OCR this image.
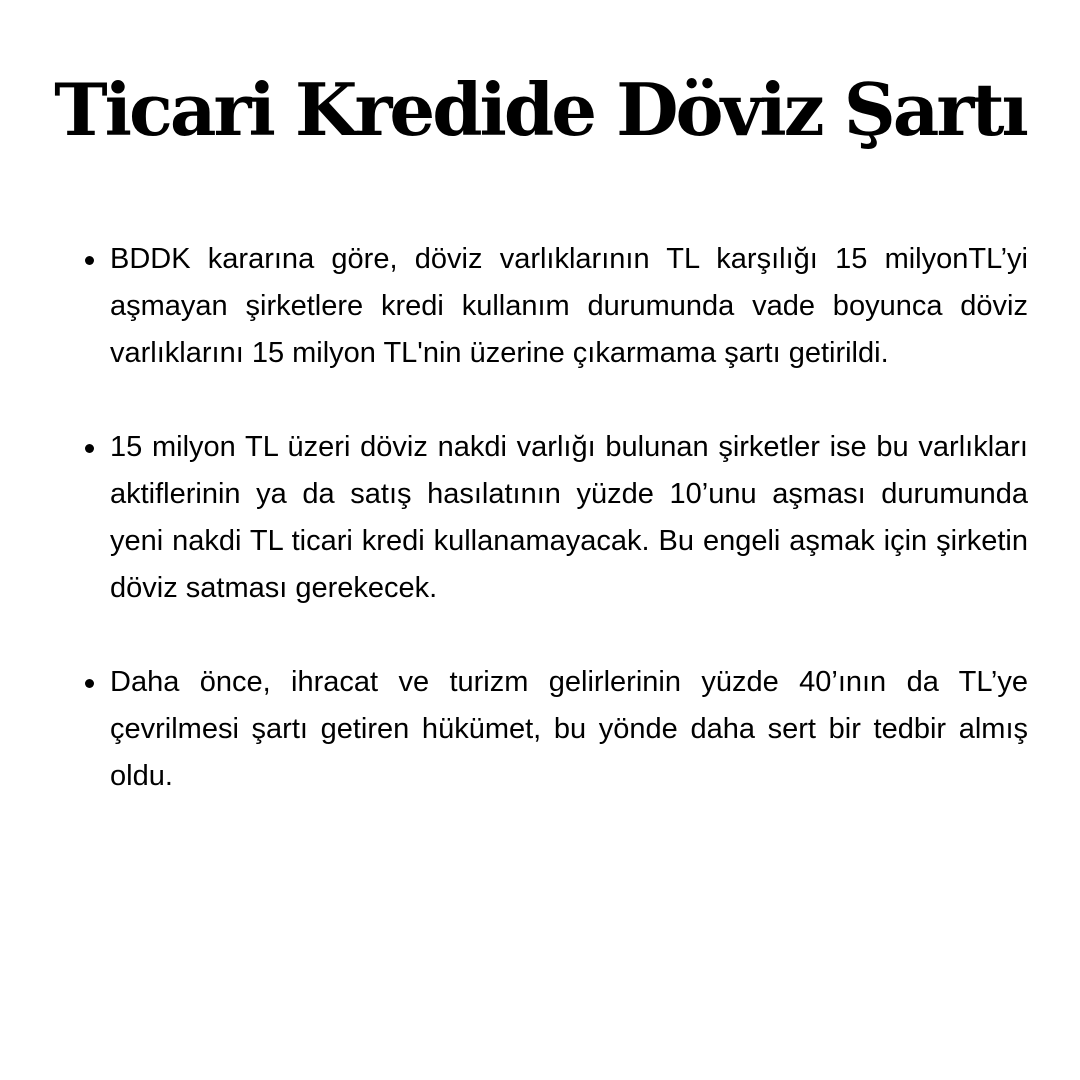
Ticari Kredide Döviz Şartı
BDDK kararına göre, döviz varlıklarının TL karşılığı 15 milyonTL’yi aşmayan şirketlere kredi kullanım durumunda vade boyunca döviz varlıklarını 15 milyon TL'nin üzerine çıkarmama şartı getirildi.
15 milyon TL üzeri döviz nakdi varlığı bulunan şirketler ise bu varlıkları aktiflerinin ya da satış hasılatının yüzde 10’unu aşması durumunda yeni nakdi TL ticari kredi kullanamayacak. Bu engeli aşmak için şirketin döviz satması gerekecek.
Daha önce, ihracat ve turizm gelirlerinin yüzde 40’ının da TL’ye çevrilmesi şartı getiren hükümet, bu yönde daha sert bir tedbir almış oldu.
